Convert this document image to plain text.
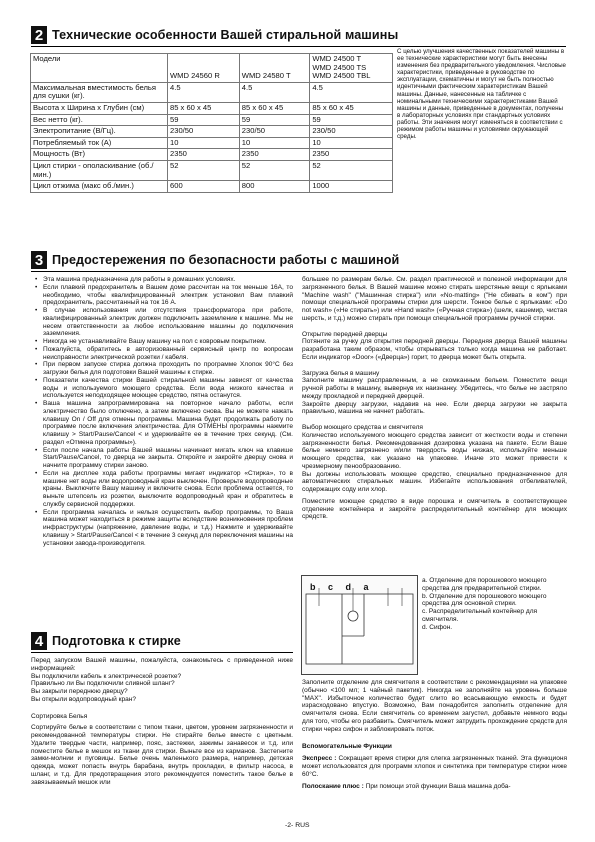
2 Технические особенности Вашей стиральной машины
Модели	WMD 24560 R	WMD 24580 T	WMD 24500 T
WMD 24500 TS
WMD 24500 TBL
Максимальная вместимость белья для сушки (кг).	4.5	4.5	4.5
Высота x Ширина x Глубин (см)	85 x 60 x 45	85 x 60 x 45	85 x 60 x 45
Вес нетто (кг).	59	59	59
Электропитание (В/Гц).	230/50	230/50	230/50
Потребляемый ток (А)	10	10	10
Мощность (Вт)	2350	2350	2350
Цикл стирки - ополаскивание (об./мин.)	52	52	52
Цикл отжима (макс об./мин.)	600	800	1000
С целью улучшения качественных показателей машины в ее технические характеристики могут быть внесены изменения без предварительного уведомления. Числовые характеристики, приведенные в руководстве по эксплуатации, схематичны и могут не быть полностью идентичными фактическим характеристикам Вашей машины. Данные, нанесенные на табличке с номинальными техническими характеристиками Вашей машины и данные, приведенные в документах, получены в лабораторных условиях при стандартных условиях работы. Эти значения могут изменяться в соответствии с режимом работы машины и условиями окружающей среды.
3 Предостережения по безопасности работы с машиной
• Эта машина предназначена для работы в домашних условиях.
• Если плавкий предохранитель в Вашем доме рассчитан на ток меньше 16А, то необходимо, чтобы квалифицированный электрик установил Вам плавкий предохранитель, рассчитанный на ток 16 А.
• В случае использования или отсутствия трансформатора при работе, квалифицированный электрик должен подключить заземление к машине. Мы не несем ответственности за любое использование машины до подключения заземления.
• Никогда не устанавливайте Вашу машину на пол с ковровым покрытием.
• Пожалуйста, обратитесь в авторизованный сервисный центр по вопросам неисправности электрической розетки / кабеля.
• При первом запуске стирка должна проходить по программе Хлопок 90°C без загрузки белья для подготовки Вашей машины к стирке.
• Показатели качества стирки Вашей стиральной машины зависят от качества воды и используемого моющего средства. Если вода низкого качества и используется неподходящее моющее средство, пятна останутся.
• Ваша машина запрограммирована на повторное начало работы, если электричество было отключено, а затем включено снова. Вы не можете нажать клавишу On / Off для отмены программы. Машина будет продолжать работу по программе после включения электричества. Для ОТМЕНЫ программы нажмите клавишу > Start/Pause/Cancel < и удерживайте ее в течение трех секунд. (См. раздел «Отмена программы»).
• Если после начала работы Вашей машины начинает мигать ключ на клавише Start/Pause/Cancel, то дверца не закрыта. Откройте и закройте дверцу снова и начните программу стирки заново.
• Если на дисплее хода работы программы мигает индикатор «Стирка», то в машине нет воды или водопроводный кран выключен. Проверьте водопроводные краны. Выключите Вашу машину и включите снова. Если проблема остается, то выньте штепсель из розетки, выключите водопроводный кран и обратитесь в службу сервисной поддержки.
• Если программа началась и нельзя осуществить выбор программы, то Ваша машина может находиться в режиме защиты вследствие возникновения проблем инфраструктуры (напряжение, давление воды, и т.д.) Нажмите и удерживайте клавишу > Start/Pause/Cancel < в течение 3 секунд для переключения машины на установки завода-производителя.
4 Подготовка к стирке

Перед запуском Вашей машины, пожалуйста, ознакомьтесь с приведенной ниже информацией:

Вы подключили кабель к электрической розетке?
Правильно ли Вы подключили сливной шланг?
Вы закрыли переднюю дверцу?
Вы открыли водопроводный кран?
Сортировка Белья

Сортируйте белье в соответствии с типом ткани, цветом, уровнем загрязненности и рекомендованной температуры стирки. Не стирайте белье вместе с цветным. Удалите твердые части, например, пояс, застежки, зажимы занавесок и т.д. или поместите белье в мешок из ткани для стирки. Выньте все из карманов. Застегните замки-молнии и пуговицы. Белье очень маленького размера, например, детская одежда, может попасть внутрь барабана, внутрь прокладки, в фильтр насоса, в шланг, и т.д. Для предотвращения этого рекомендуется поместить такое белье в завязываемый мешок или

большее по размерам белье. См. раздел практической и полезной информации для загрязненного белья. В Вашей машине можно стирать шерстяные вещи с ярлыками "Machine wash" ("Машинная стирка") или «No-matting» ("Не сбивать в ком") при помощи специальной программы стирки для шерсти. Тонкое белье с ярлыками: «Do not wash» («Не стирать») или «Hand wash» («Ручная стирка») (шелк, кашемир, чистая шерсть, и т.д.) можно стирать при помощи специальной программы ручной стирки.

Открытие передней дверцы

Потяните за ручку для открытия передней дверцы. Передняя дверца Вашей машины разработана таким образом, чтобы открываться только когда машина не работает. Если индикатор «Door» («Дверца») горит, то дверца может быть открыта.

Загрузка белья в машину

Заполните машину расправленным, а не скомканным бельем. Поместите вещи ручной работы в машину, вывернув их наизнанку. Убедитесь, что белье не застряло между прокладкой и передней дверцей.

Закройте дверцу загрузки, надавив на нее. Если дверца загрузки не закрыта правильно, машина не начнет работать.

Выбор моющего средства и смягчителя

Количество используемого моющего средства зависит от жесткости воды и степени загрязненности белья. Рекомендованная дозировка указана на пакете. Если Ваше белье немного загрязнено и/или твердость воды низкая, используйте меньше моющего средства, как указано на упаковке. Иначе это может привести к чрезмерному пенообразованию.

Вы должны использовать моющее средство, специально предназначенное для автоматических стиральных машин. Избегайте использования отбеливателей, содержащих соду или хлор.

Поместите моющее средство в виде порошка и смягчитель в соответствующее отделение контейнера и закройте распределительный контейнер для моющих средств.

b c d a
a. Отделение для порошкового моющего средства для предварительной стирки.
b. Отделение для порошкового моющего средства для основной стирки.
c. Распределительный контейнер для смягчителя.
d. Сифон.

Заполните отделение для смягчителя в соответствии с рекомендациями на упаковке (обычно <100 мл; 1 чайный пакетик). Никогда не заполняйте на уровень больше "MAX". Избыточное количество будет слито во всасывающую емкость и будет израсходовано впустую. Возможно, Вам понадобится заполнить отделение для смягчителя снова. Если смягчитель со временем загустел, добавьте немного воды для того, чтобы его разбавить. Смягчитель может затрудить прохождение средств для стирки через сифон и заблокировать поток.

Вспомогательные Функции

Экспресс : Сокращает время стирки для слегка загрязненных тканей. Эта функционя может использоватся для программ хлопок и синтетика при температуре стирки ниже 60°С.

Полоскание плюс : При помощи этой функции Ваша машина доба-

-2- RUS
